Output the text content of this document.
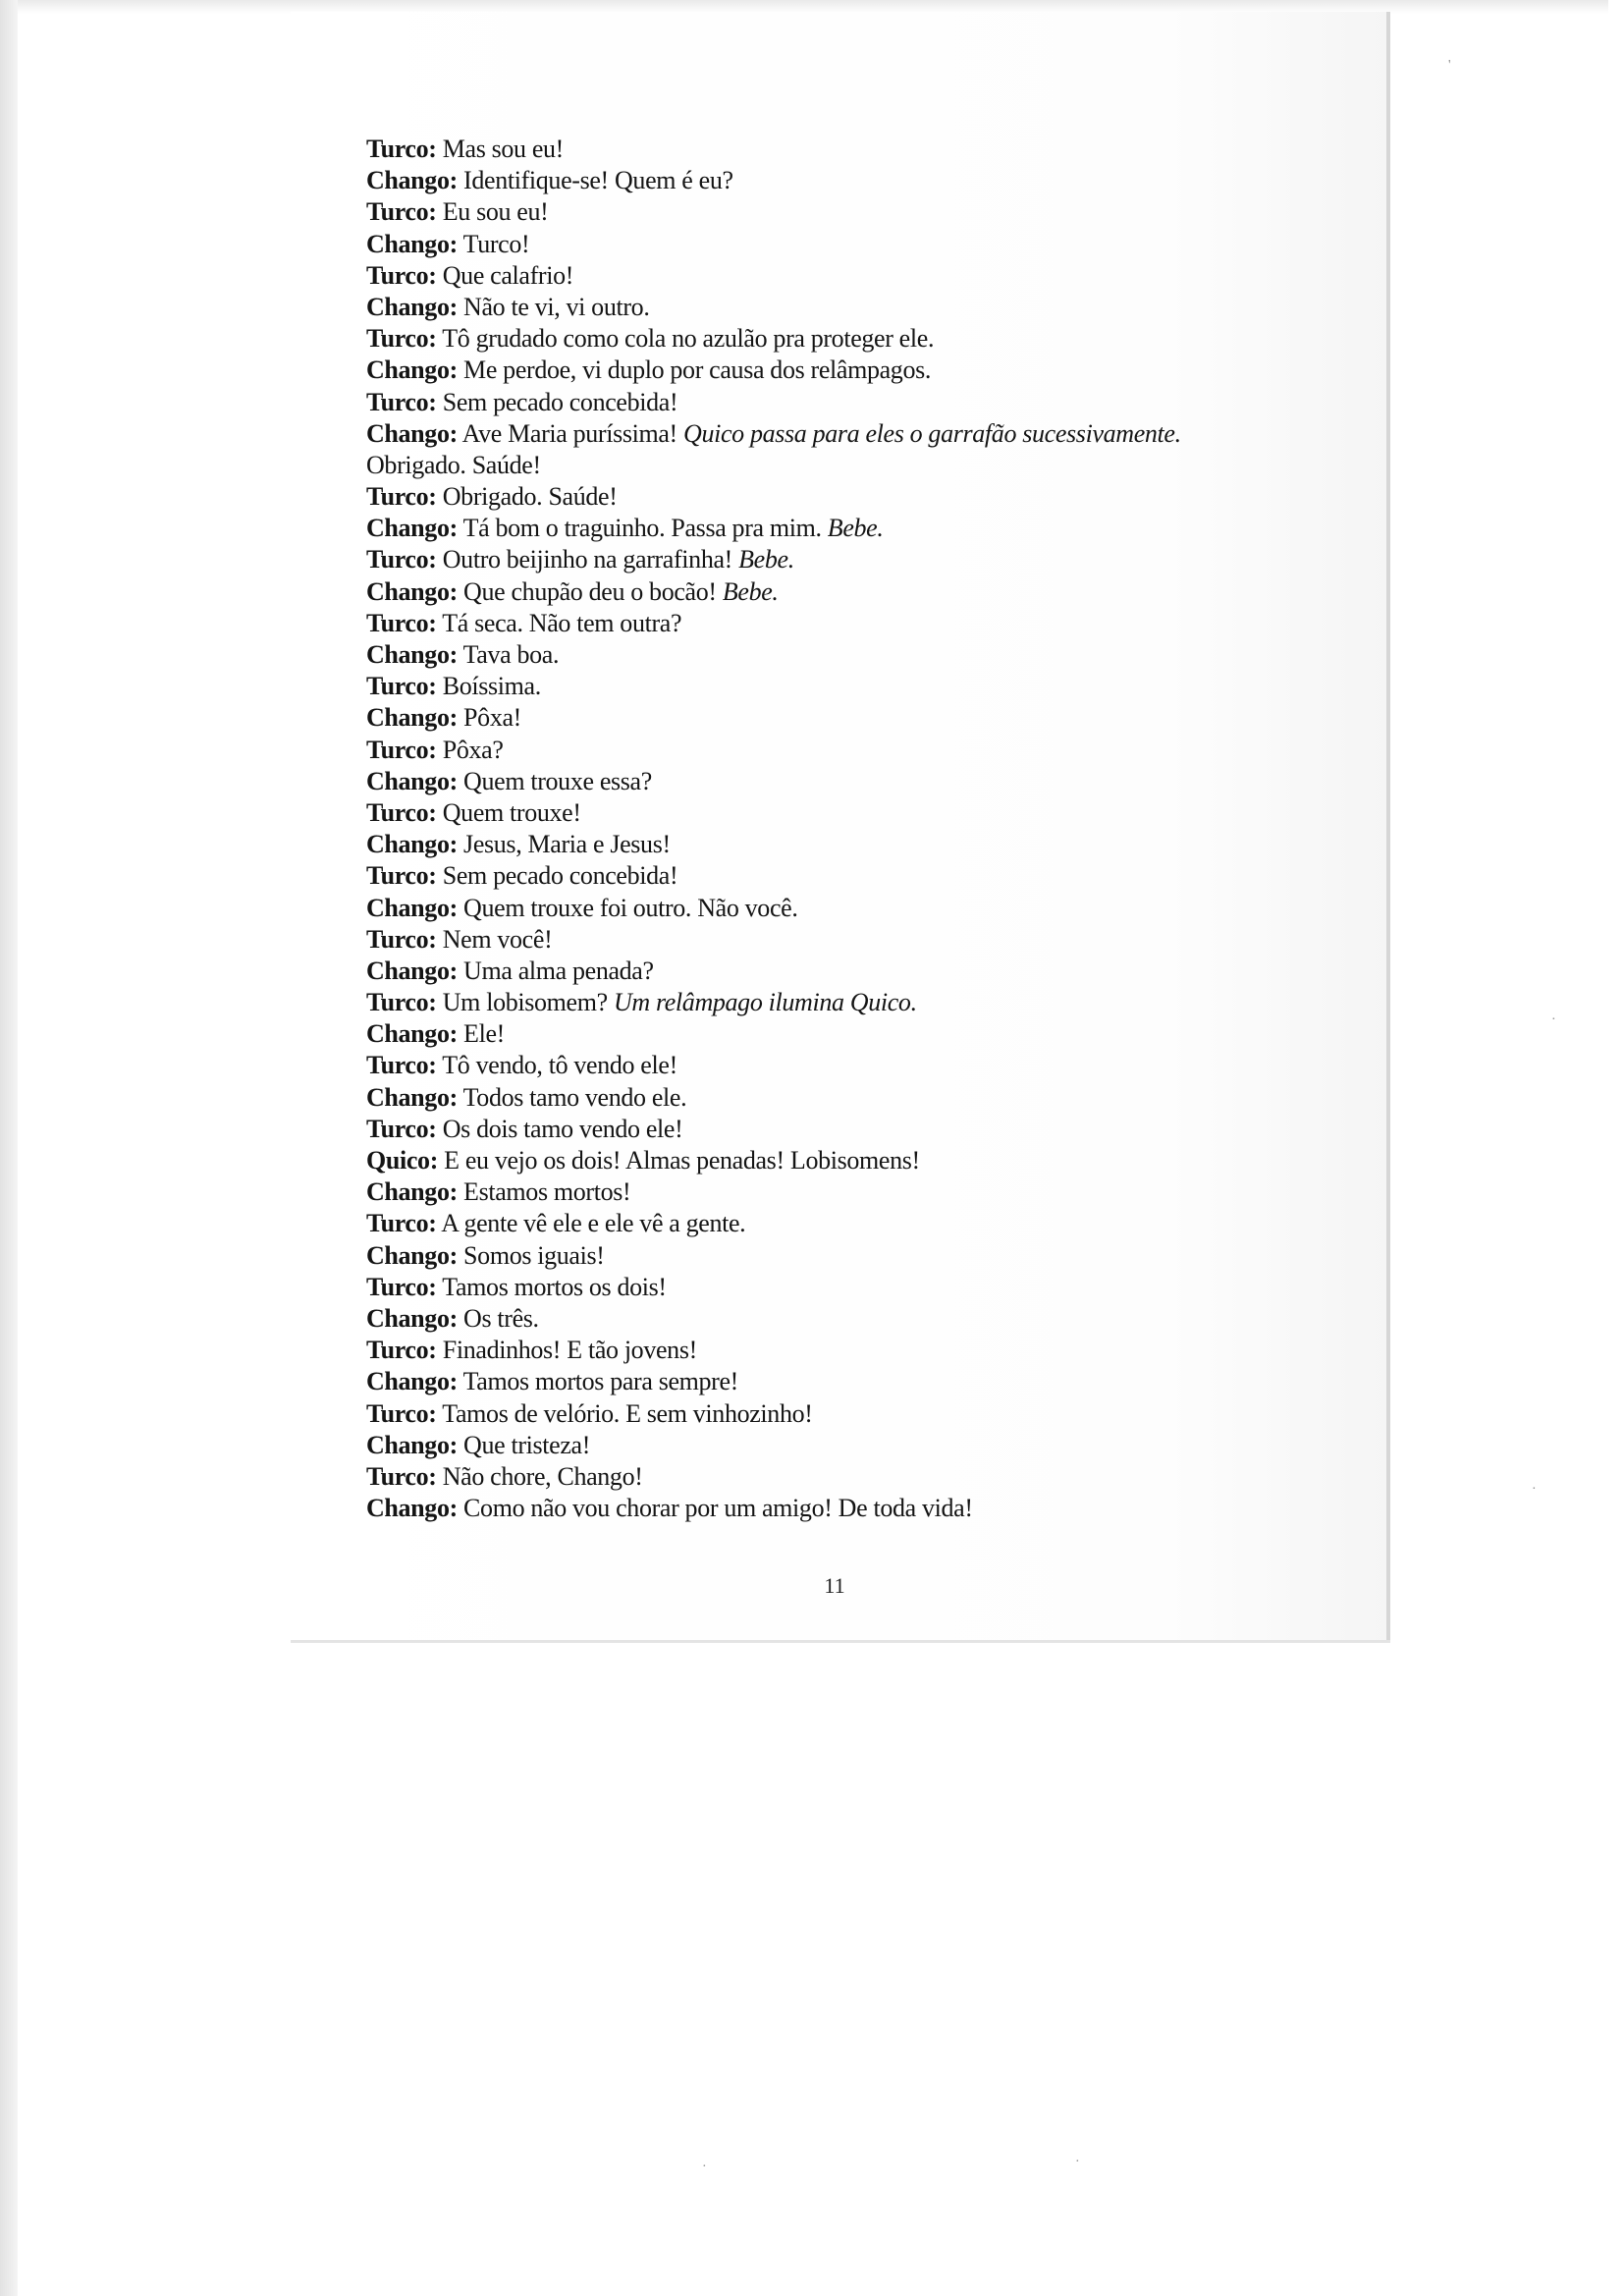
11
'
·
·
·	·
Turco: Mas sou eu!
Chango: Identifique-se! Quem é eu?
Turco: Eu sou eu!
Chango: Turco!
Turco: Que calafrio!
Chango: Não te vi, vi outro.
Turco: Tô grudado como cola no azulão pra proteger ele.
Chango: Me perdoe, vi duplo por causa dos relâmpagos.
Turco: Sem pecado concebida!
Chango: Ave Maria puríssima! Quico passa para eles o garrafão sucessivamente.
Obrigado. Saúde!
Turco: Obrigado. Saúde!
Chango: Tá bom o traguinho. Passa pra mim. Bebe.
Turco: Outro beijinho na garrafinha! Bebe.
Chango: Que chupão deu o bocão! Bebe.
Turco: Tá seca. Não tem outra?
Chango: Tava boa.
Turco: Boíssima.
Chango: Pôxa!
Turco: Pôxa?
Chango: Quem trouxe essa?
Turco: Quem trouxe!
Chango: Jesus, Maria e Jesus!
Turco: Sem pecado concebida!
Chango: Quem trouxe foi outro. Não você.
Turco: Nem você!
Chango: Uma alma penada?
Turco: Um lobisomem? Um relâmpago ilumina Quico.
Chango: Ele!
Turco: Tô vendo, tô vendo ele!
Chango: Todos tamo vendo ele.
Turco: Os dois tamo vendo ele!
Quico: E eu vejo os dois! Almas penadas! Lobisomens!
Chango: Estamos mortos!
Turco: A gente vê ele e ele vê a gente.
Chango: Somos iguais!
Turco: Tamos mortos os dois!
Chango: Os três.
Turco: Finadinhos! E tão jovens!
Chango: Tamos mortos para sempre!
Turco: Tamos de velório. E sem vinhozinho!
Chango: Que tristeza!
Turco: Não chore, Chango!
Chango: Como não vou chorar por um amigo! De toda vida!
